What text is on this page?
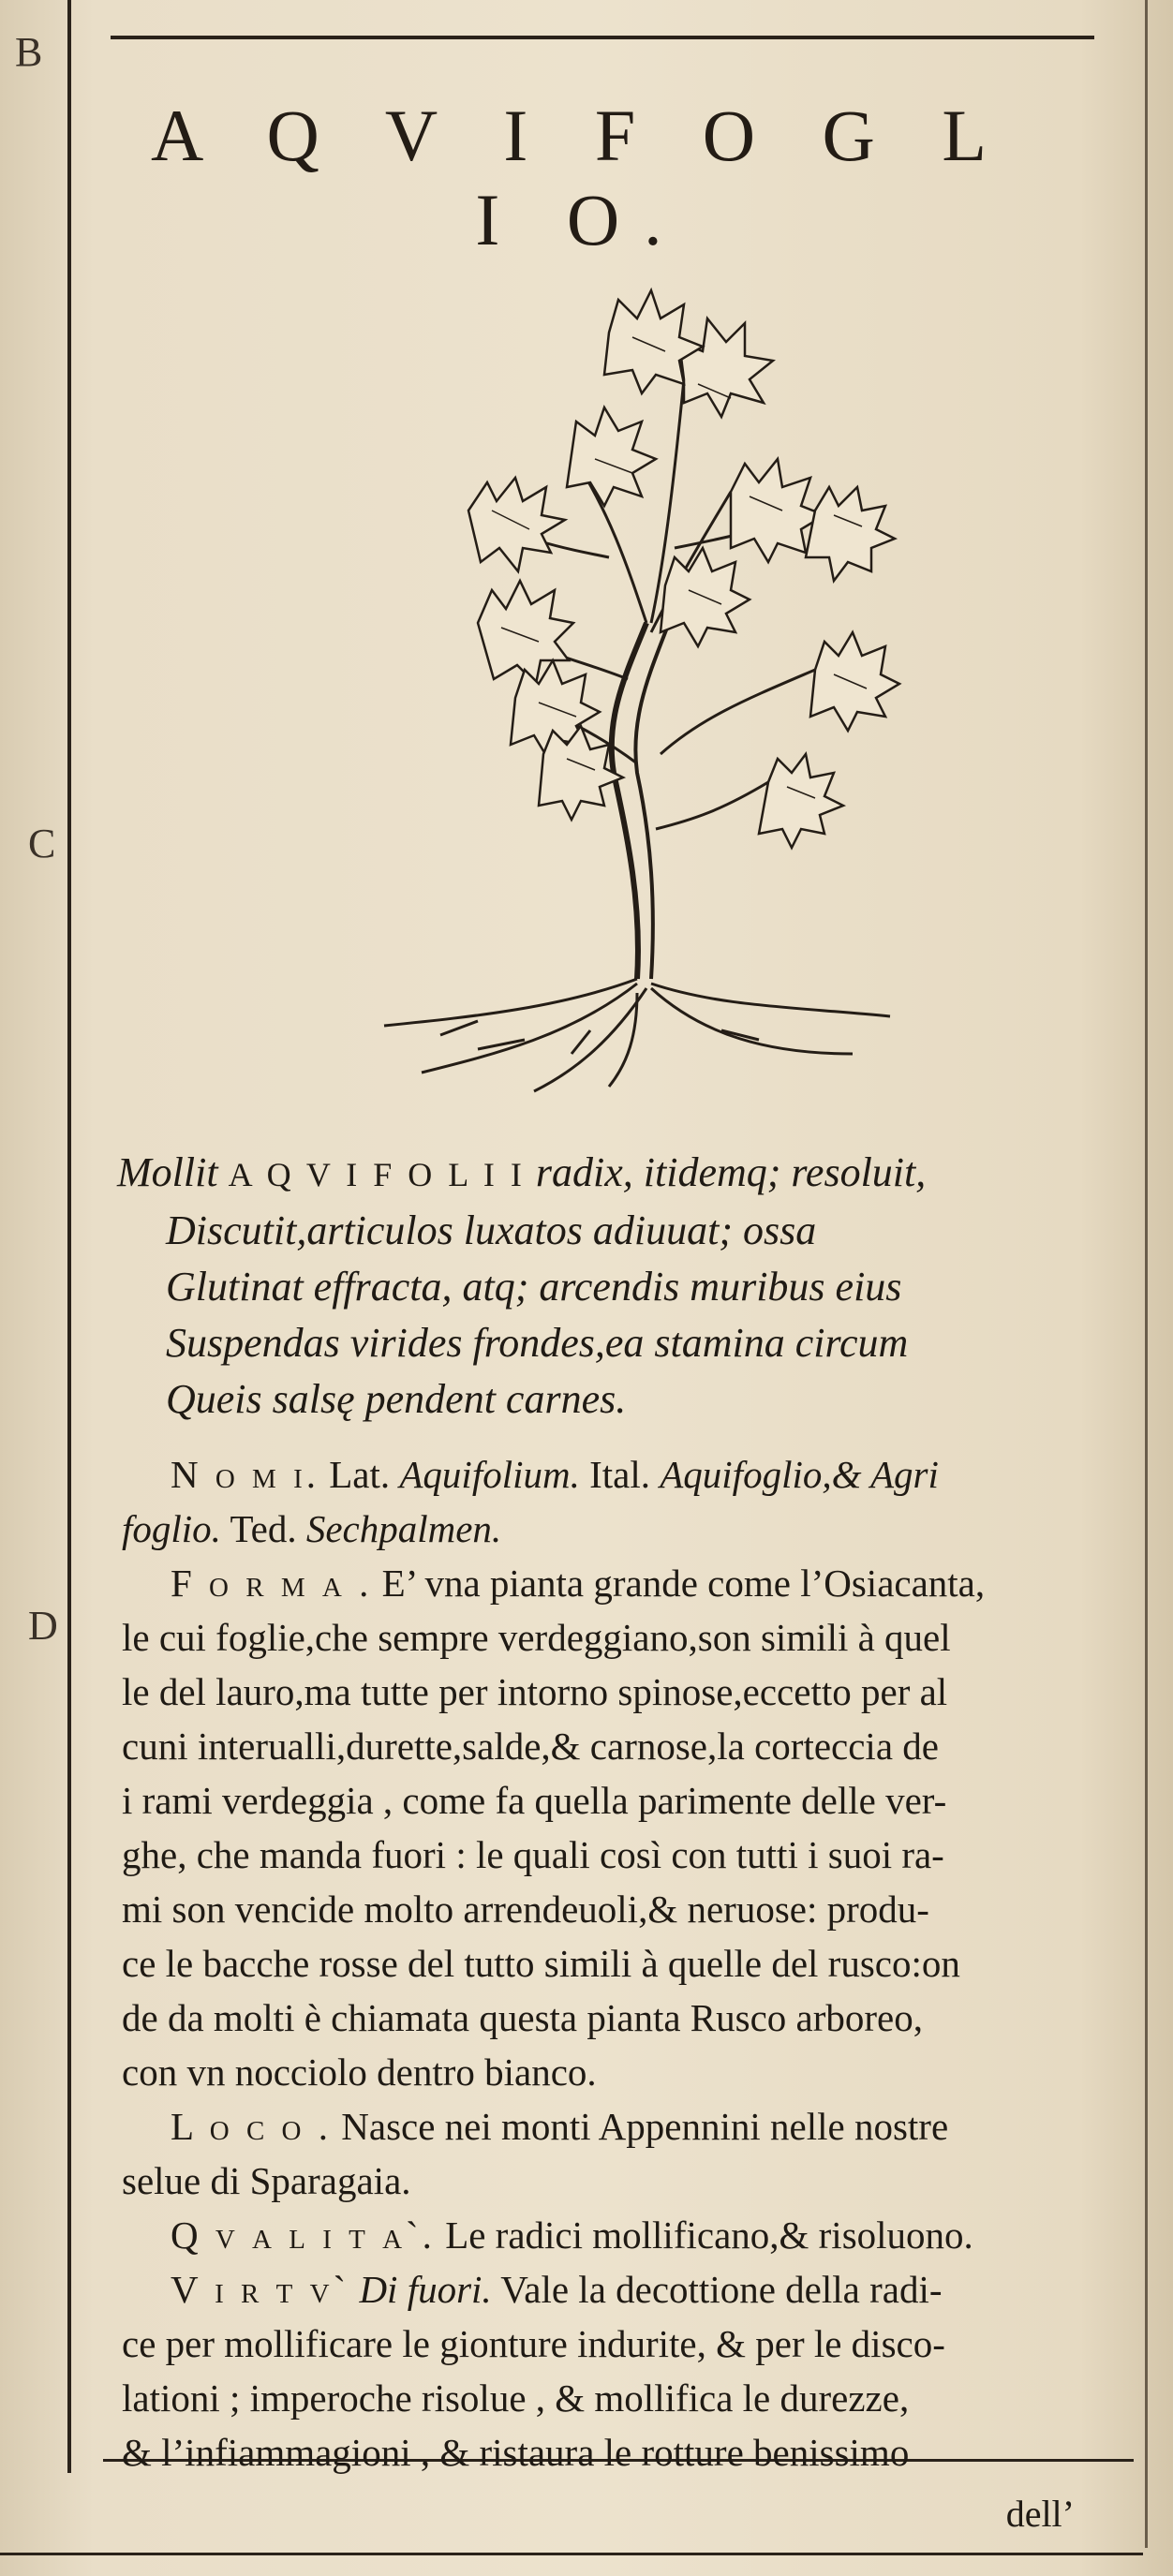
B
C
D
A Q V I F O G L I O.
Mollit A Q V I F O L I I radix, itidemq; resoluit,
Discutit,articulos luxatos adiuuat; ossa
Glutinat effracta, atq; arcendis muribus eius
Suspendas virides frondes,ea stamina circum
Queis salsę pendent carnes.
N o m i. Lat. Aquifolium. Ital. Aquifoglio,& Agri
foglio. Ted. Sechpalmen.
F o r m a . E’ vna pianta grande come l’Osiacanta,
le cui foglie,che sempre verdeggiano,son simili à quel
le del lauro,ma tutte per intorno spinose,eccetto per al
cuni interualli,durette,salde,& carnose,la corteccia de
i rami verdeggia , come fa quella parimente delle ver-
ghe, che manda fuori : le quali così con tutti i suoi ra-
mi son vencide molto arrendeuoli,& neruose: produ-
ce le bacche rosse del tutto simili à quelle del rusco:on
de da molti è chiamata questa pianta Rusco arboreo,
con vn nocciolo dentro bianco.
L o c o . Nasce nei monti Appennini nelle nostre
selue di Sparagaia.
Q v a l i t a`. Le radici mollificano,& risoluono.
V i r t v` Di fuori. Vale la decottione della radi-
ce per mollificare le gionture indurite, & per le disco-
lationi ; imperoche risolue , & mollifica le durezze,
& l’infiammagioni , & ristaura le rotture benissimo
dell’
